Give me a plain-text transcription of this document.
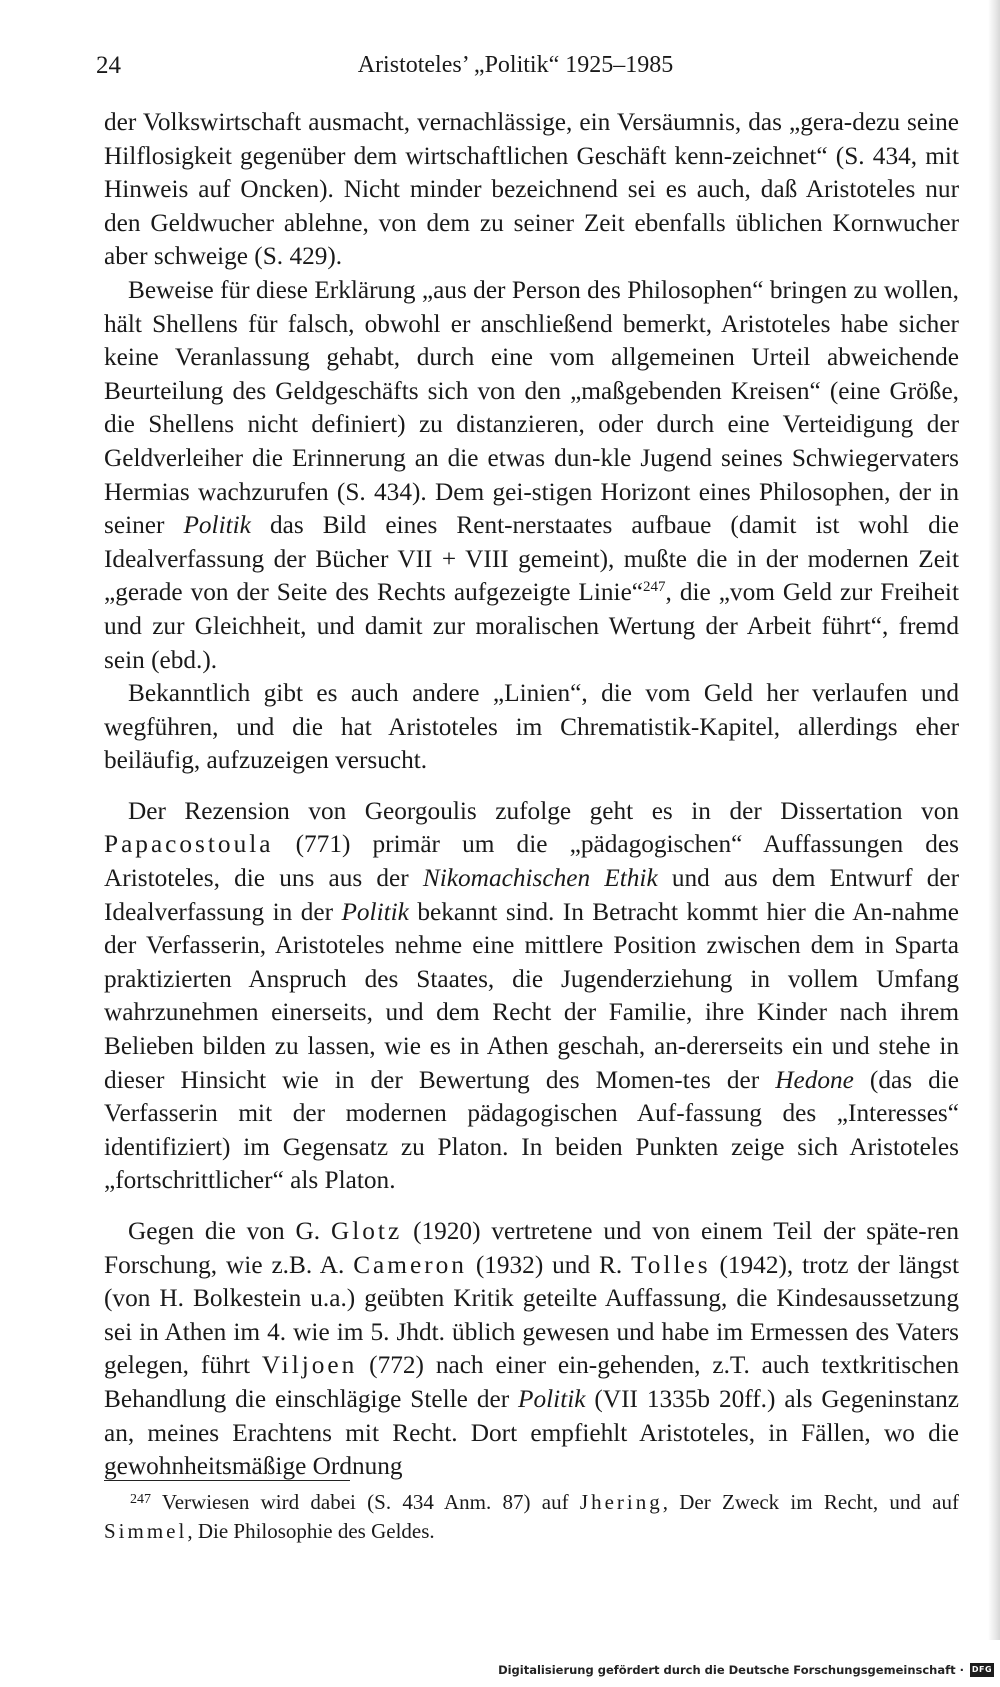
24	Aristoteles’ „Politik“ 1925–1985

der Volkswirtschaft ausmacht, vernachlässige, ein Versäumnis, das „gera-dezu seine Hilflosigkeit gegenüber dem wirtschaftlichen Geschäft kenn-zeichnet“ (S. 434, mit Hinweis auf Oncken). Nicht minder bezeichnend sei es auch, daß Aristoteles nur den Geldwucher ablehne, von dem zu seiner Zeit ebenfalls üblichen Kornwucher aber schweige (S. 429).

Beweise für diese Erklärung „aus der Person des Philosophen“ bringen zu wollen, hält Shellens für falsch, obwohl er anschließend bemerkt, Aristoteles habe sicher keine Veranlassung gehabt, durch eine vom allgemeinen Urteil abweichende Beurteilung des Geldgeschäfts sich von den „maßgebenden Kreisen“ (eine Größe, die Shellens nicht definiert) zu distanzieren, oder durch eine Verteidigung der Geldverleiher die Erinnerung an die etwas dun-kle Jugend seines Schwiegervaters Hermias wachzurufen (S. 434). Dem gei-stigen Horizont eines Philosophen, der in seiner Politik das Bild eines Rent-nerstaates aufbaue (damit ist wohl die Idealverfassung der Bücher VII + VIII gemeint), mußte die in der modernen Zeit „gerade von der Seite des Rechts aufgezeigte Linie“$^{247}$, die „vom Geld zur Freiheit und zur Gleichheit, und damit zur moralischen Wertung der Arbeit führt“, fremd sein (ebd.).

Bekanntlich gibt es auch andere „Linien“, die vom Geld her verlaufen und wegführen, und die hat Aristoteles im Chrematistik-Kapitel, allerdings eher beiläufig, aufzuzeigen versucht.

Der Rezension von Georgoulis zufolge geht es in der Dissertation von Papacostoula (771) primär um die „pädagogischen“ Auffassungen des Aristoteles, die uns aus der Nikomachischen Ethik und aus dem Entwurf der Idealverfassung in der Politik bekannt sind. In Betracht kommt hier die An-nahme der Verfasserin, Aristoteles nehme eine mittlere Position zwischen dem in Sparta praktizierten Anspruch des Staates, die Jugenderziehung in vollem Umfang wahrzunehmen einerseits, und dem Recht der Familie, ihre Kinder nach ihrem Belieben bilden zu lassen, wie es in Athen geschah, an-dererseits ein und stehe in dieser Hinsicht wie in der Bewertung des Momen-tes der Hedone (das die Verfasserin mit der modernen pädagogischen Auf-fassung des „Interesses“ identifiziert) im Gegensatz zu Platon. In beiden Punkten zeige sich Aristoteles „fortschrittlicher“ als Platon.

Gegen die von G. Glotz (1920) vertretene und von einem Teil der späte-ren Forschung, wie z.B. A. Cameron (1932) und R. Tolles (1942), trotz der längst (von H. Bolkestein u.a.) geübten Kritik geteilte Auffassung, die Kindesaussetzung sei in Athen im 4. wie im 5. Jhdt. üblich gewesen und habe im Ermessen des Vaters gelegen, führt Viljoen (772) nach einer ein-gehenden, z.T. auch textkritischen Behandlung die einschlägige Stelle der Politik (VII 1335b 20ff.) als Gegeninstanz an, meines Erachtens mit Recht. Dort empfiehlt Aristoteles, in Fällen, wo die gewohnheitsmäßige Ordnung

$^{247}$ Verwiesen wird dabei (S. 434 Anm. 87) auf Jhering, Der Zweck im Recht, und auf Simmel, Die Philosophie des Geldes.
Digitalisierung gefördert durch die Deutsche Forschungsgemeinschaft · DFG
